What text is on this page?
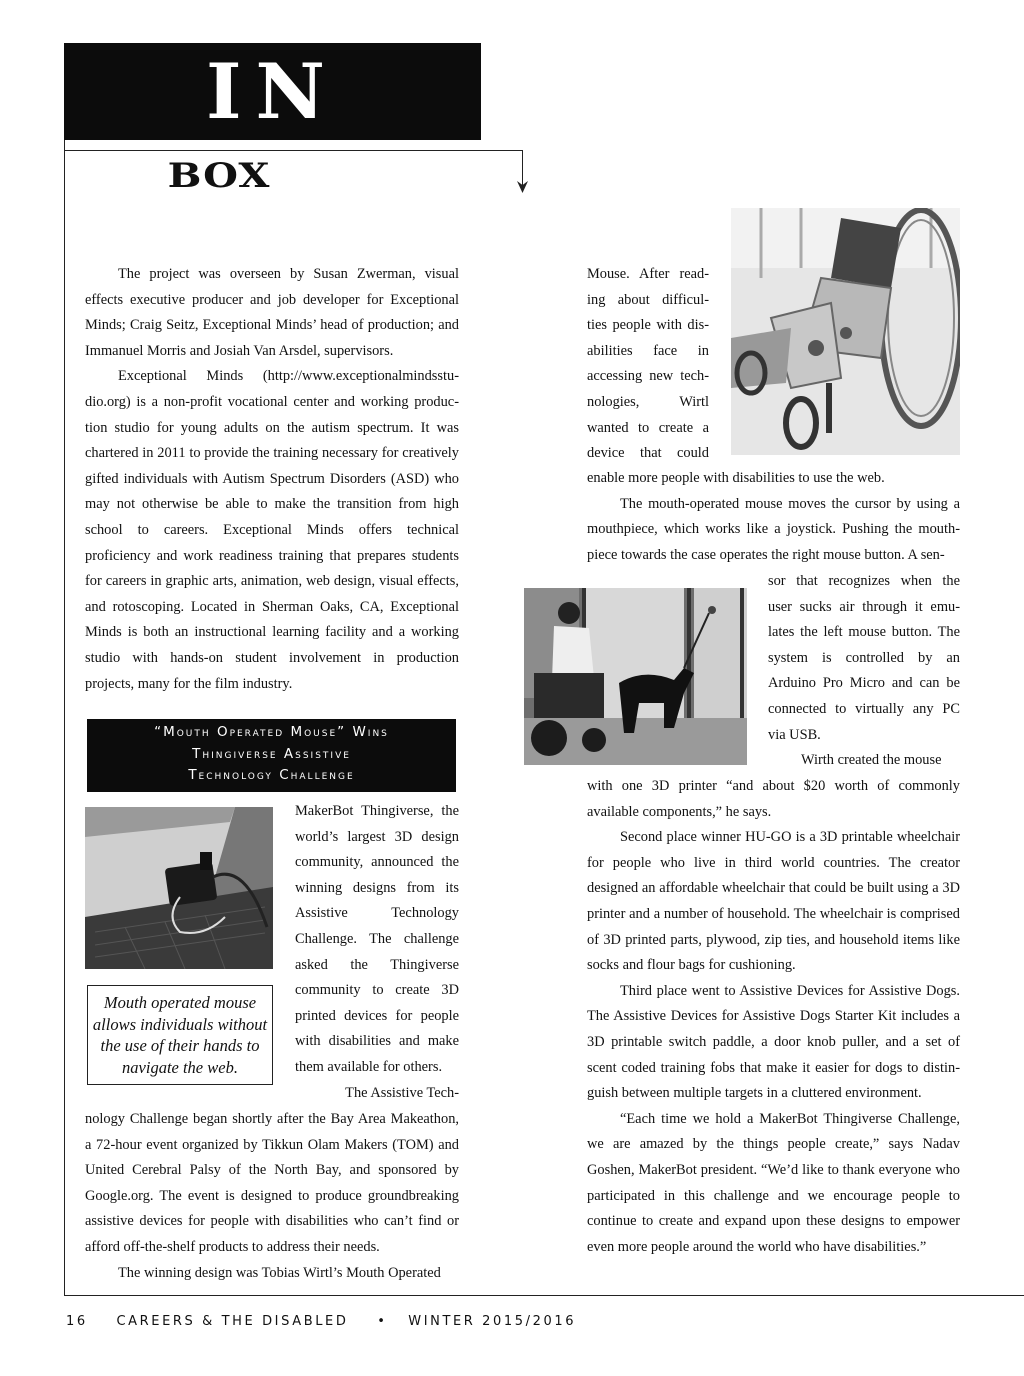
IN
BOX

The project was overseen by Susan Zwerman, visual effects executive producer and job developer for Exceptional Minds; Craig Seitz, Exceptional Minds’ head of production; and Immanuel Morris and Josiah Van Arsdel, supervisors.

Exceptional Minds (http://www.exceptionalmindsstudio.org) is a non-profit vocational center and working production studio for young adults on the autism spectrum. It was chartered in 2011 to provide the training necessary for creatively gifted individuals with Autism Spectrum Disorders (ASD) who may not otherwise be able to make the transition from high school to careers. Exceptional Minds offers technical proficiency and work readiness training that prepares students for careers in graphic arts, animation, web design, visual effects, and rotoscoping. Located in Sherman Oaks, CA, Exceptional Minds is both an instructional learning facility and a working studio with hands-on student involvement in production projects, many for the film industry.

“Mouth Operated Mouse” Wins
Thingiverse Assistive
Technology Challenge
Mouth operated mouse allows individuals without the use of their hands to navigate the web.

MakerBot Thingiverse, the

world’s largest 3D design

community, announced the

winning designs from its

Assistive Technology

Challenge. The challenge

asked the Thingiverse

community to create 3D

printed devices for people

with disabilities and make

them available for others.

The Assistive Tech-

nology Challenge began shortly after the Bay Area Makeathon, a 72-hour event organized by Tikkun Olam Makers (TOM) and United Cerebral Palsy of the North Bay, and sponsored by Google.org. The event is designed to produce groundbreaking assistive devices for people with disabilities who can’t find or afford off-the-shelf products to address their needs.

The winning design was Tobias Wirtl’s Mouth Operated

Mouse. After read-

ing about difficul-

ties people with dis-

abilities face in

accessing new tech-

nologies, Wirtl

wanted to create a

device that could

enable more people with disabilities to use the web.

The mouth-operated mouse moves the cursor by using a mouthpiece, which works like a joystick. Pushing the mouthpiece towards the case operates the right mouse button. A sen-

sor that recognizes when the

user sucks air through it emu-

lates the left mouse button. The

system is controlled by an

Arduino Pro Micro and can be

connected to virtually any PC

via USB.

Wirth created the mouse

with one 3D printer “and about $20 worth of commonly available components,” he says.

Second place winner HU-GO is a 3D printable wheelchair for people who live in third world countries. The creator designed an affordable wheelchair that could be built using a 3D printer and a number of household. The wheelchair is comprised of 3D printed parts, plywood, zip ties, and household items like socks and flour bags for cushioning.

Third place went to Assistive Devices for Assistive Dogs. The Assistive Devices for Assistive Dogs Starter Kit includes a 3D printable switch paddle, a door knob puller, and a set of scent coded training fobs that make it easier for dogs to distinguish between multiple targets in a cluttered environment.

“Each time we hold a MakerBot Thingiverse Challenge, we are amazed by the things people create,” says Nadav Goshen, MakerBot president. “We’d like to thank everyone who participated in this challenge and we encourage people to continue to create and expand upon these designs to empower even more people around the world who have disabilities.”

16 CAREERS & THE DISABLED • WINTER 2015/2016
